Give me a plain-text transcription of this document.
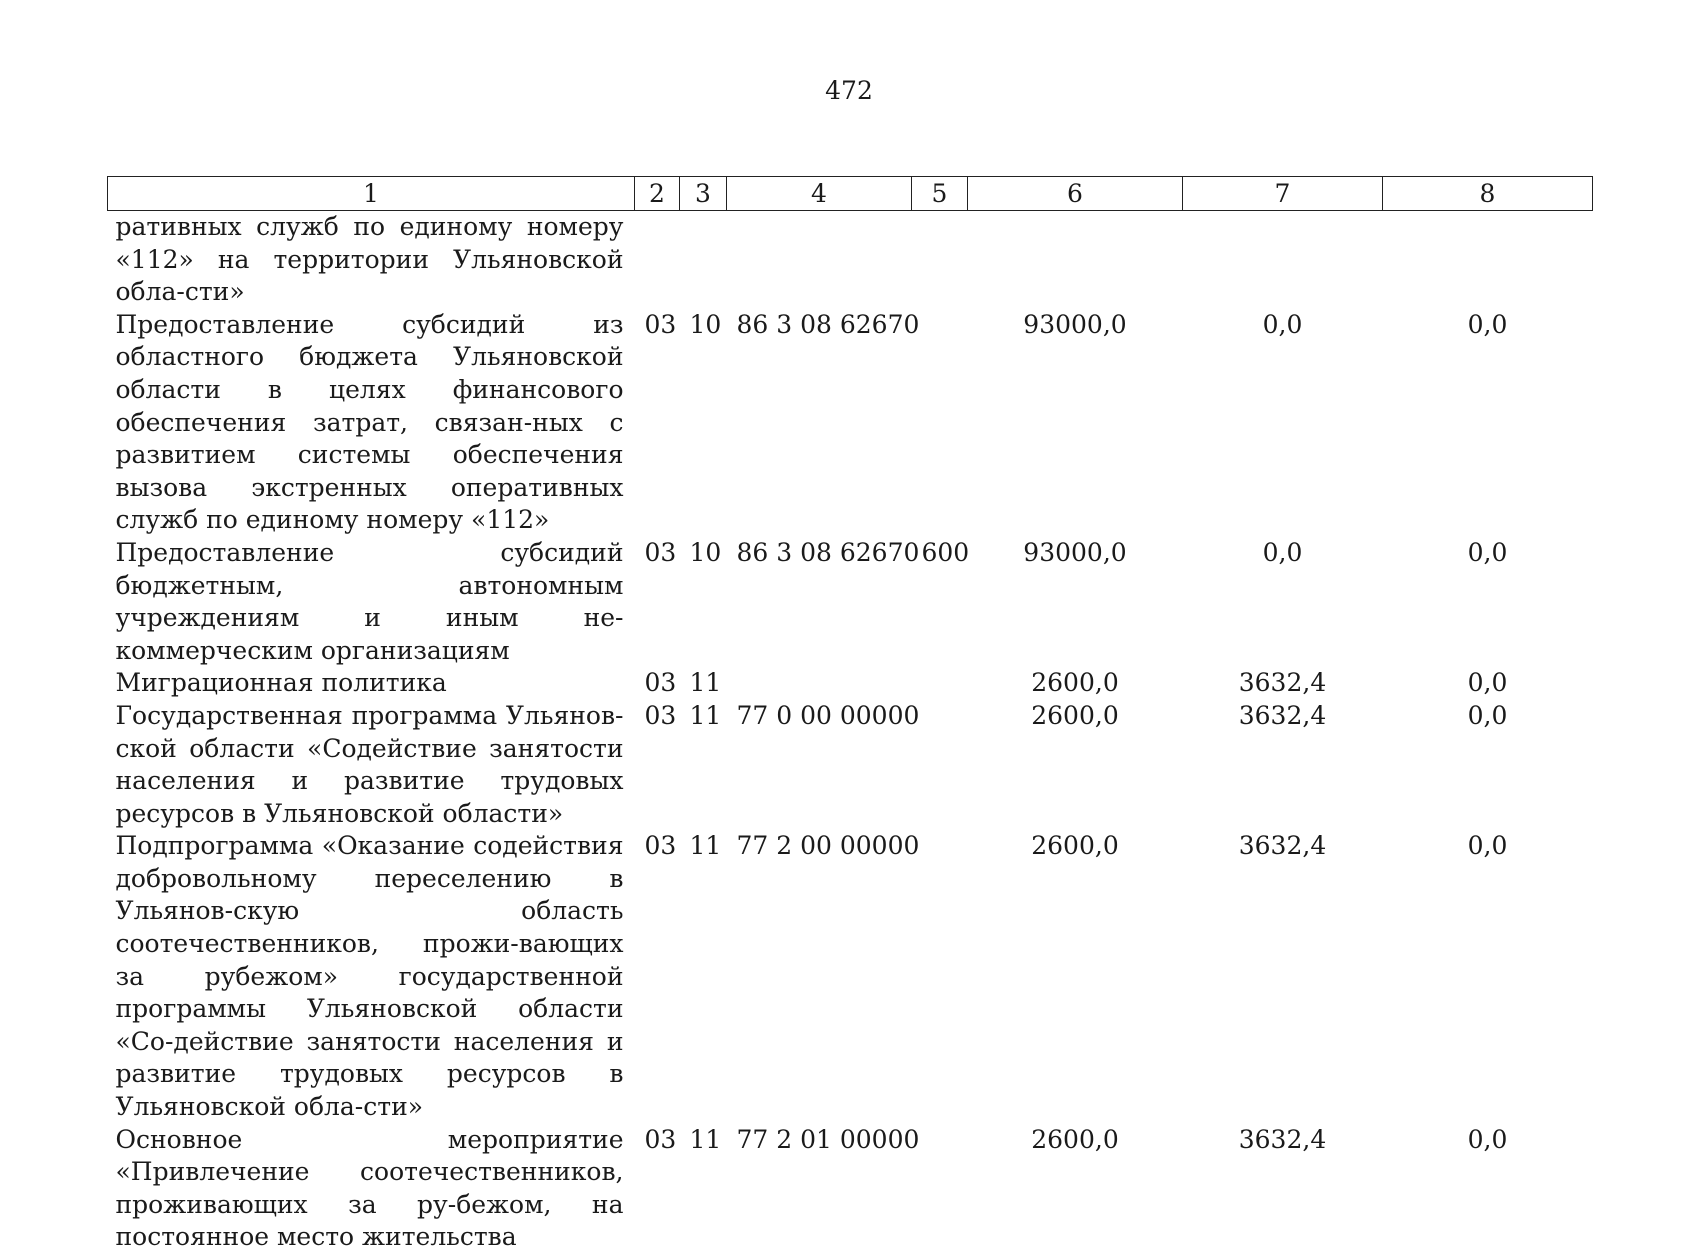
472
1	2	3	4	5	6	7	8
ративных служб по единому номеру «112» на территории Ульяновской обла-сти»							
Предоставление субсидий из областного бюджета Ульяновской области в целях финансового обеспечения затрат, связан-ных с развитием системы обеспечения вызова экстренных оперативных служб по единому номеру «112»	03	10	86 3 08 62670		93000,0	0,0	0,0
Предоставление субсидий бюджетным, автономным учреждениям и иным не-коммерческим организациям	03	10	86 3 08 62670	600	93000,0	0,0	0,0
Миграционная политика	03	11			2600,0	3632,4	0,0
Государственная программа Ульянов-ской области «Содействие занятости населения и развитие трудовых ресурсов в Ульяновской области»	03	11	77 0 00 00000		2600,0	3632,4	0,0
Подпрограмма «Оказание содействия добровольному переселению в Ульянов-скую область соотечественников, прожи-вающих за рубежом» государственной программы Ульяновской области «Со-действие занятости населения и развитие трудовых ресурсов в Ульяновской обла-сти»	03	11	77 2 00 00000		2600,0	3632,4	0,0
Основное мероприятие «Привлечение соотечественников, проживающих за ру-бежом, на постоянное место жительства	03	11	77 2 01 00000		2600,0	3632,4	0,0
